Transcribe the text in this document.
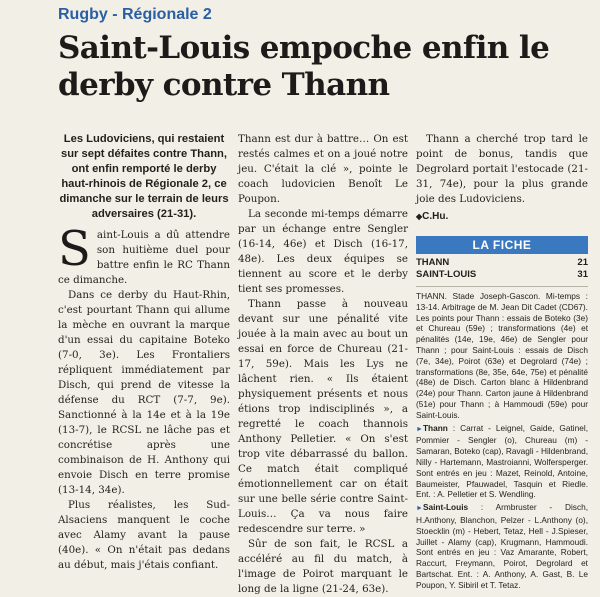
Rugby - Régionale 2
Saint-Louis empoche enfin le derby contre Thann
Les Ludoviciens, qui restaient sur sept défaites contre Thann, ont enfin remporté le derby haut-rhinois de Régionale 2, ce dimanche sur le terrain de leurs adversaires (21-31).

Saint-Louis a dû attendre son huitième duel pour battre enfin le RC Thann ce dimanche.

Dans ce derby du Haut-Rhin, c'est pourtant Thann qui allume la mèche en ouvrant la marque d'un essai du capitaine Boteko (7-0, 3e). Les Frontaliers répliquent immédiatement par Disch, qui prend de vitesse la défense du RCT (7-7, 9e). Sanctionné à la 14e et à la 19e (13-7), le RCSL ne lâche pas et concrétise après une combinaison de H. Anthony qui envoie Disch en terre promise (13-14, 34e).

Plus réalistes, les Sud-Alsaciens manquent le coche avec Alamy avant la pause (40e). « On n'était pas dedans au début, mais j'étais confiant.

Thann est dur à battre… On est restés calmes et on a joué notre jeu. C'était la clé », pointe le coach ludovicien Benoît Le Poupon.

La seconde mi-temps démarre par un échange entre Sengler (16-14, 46e) et Disch (16-17, 48e). Les deux équipes se tiennent au score et le derby tient ses promesses.

Thann passe à nouveau devant sur une pénalité vite jouée à la main avec au bout un essai en force de Chureau (21-17, 59e). Mais les Lys ne lâchent rien. « Ils étaient physiquement présents et nous étions trop indisciplinés », a regretté le coach thannois Anthony Pelletier. « On s'est trop vite débarrassé du ballon. Ce match était compliqué émotionnellement car on était sur une belle série contre Saint-Louis… Ça va nous faire redescendre sur terre. »

Sûr de son fait, le RCSL a accéléré au fil du match, à l'image de Poirot marquant le long de la ligne (21-24, 63e).

Thann a cherché trop tard le point de bonus, tandis que Degrolard portait l'estocade (21-31, 74e), pour la plus grande joie des Ludoviciens.

◆ C.Hu.
LA FICHE
THANN	21
SAINT-LOUIS	31

THANN. Stade Joseph-Gascon. Mi-temps : 13-14. Arbitrage de M. Jean Dit Cadet (CD67). Les points pour Thann : essais de Boteko (3e) et Chureau (59e) ; transformations (4e) et pénalités (14e, 19e, 46e) de Sengler pour Thann ; pour Saint-Louis : essais de Disch (7e, 34e), Poirot (63e) et Degrolard (74e) ; transformations (8e, 35e, 64e, 75e) et pénalité (48e) de Disch. Carton blanc à Hildenbrand (24e) pour Thann. Carton jaune à Hildenbrand (51e) pour Thann ; à Hammoudi (59e) pour Saint-Louis.

► Thann : Carrat - Leignel, Gaide, Gatinel, Pommier - Sengler (o), Chureau (m) - Samaran, Boteko (cap), Ravagli - Hildenbrand, Nilly - Hartemann, Mastroianni, Wolfersperger. Sont entrés en jeu : Mazet, Reinold, Antoine, Baumeister, Pfauwadel, Tasquin et Riedle. Ent. : A. Pelletier et S. Wendling.

► Saint-Louis : Armbruster - Disch, H.Anthony, Blanchon, Pelzer - L.Anthony (o), Stoecklin (m) - Hebert, Tetaz, Hell - J.Spieser, Juillet - Alamy (cap), Krugmann, Hammoudi. Sont entrés en jeu : Vaz Amarante, Robert, Raccurt, Freymann, Poirot, Degrolard et Bartschat. Ent. : A. Anthony, A. Gast, B. Le Poupon, Y. Sibiril et T. Tetaz.
